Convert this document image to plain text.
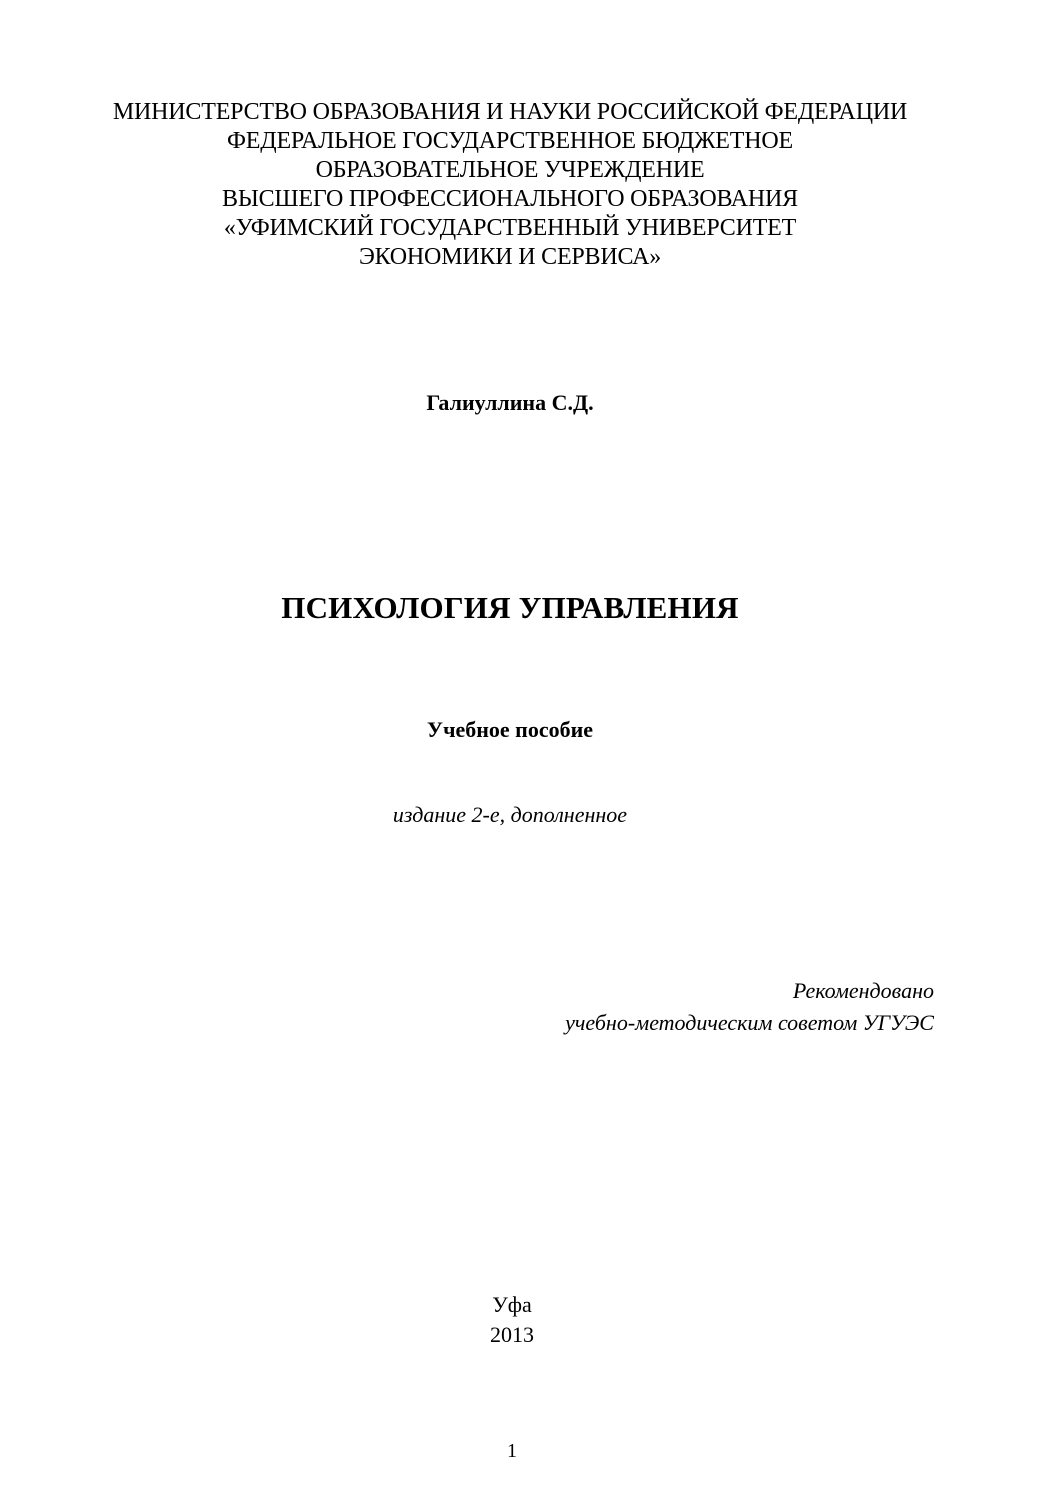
МИНИСТЕРСТВО ОБРАЗОВАНИЯ И НАУКИ РОССИЙСКОЙ ФЕДЕРАЦИИ
ФЕДЕРАЛЬНОЕ ГОСУДАРСТВЕННОЕ БЮДЖЕТНОЕ
ОБРАЗОВАТЕЛЬНОЕ УЧРЕЖДЕНИЕ
ВЫСШЕГО ПРОФЕССИОНАЛЬНОГО ОБРАЗОВАНИЯ
«УФИМСКИЙ ГОСУДАРСТВЕННЫЙ УНИВЕРСИТЕТ
ЭКОНОМИКИ И СЕРВИСА»
Галиуллина С.Д.
ПСИХОЛОГИЯ УПРАВЛЕНИЯ
Учебное пособие
издание 2-е, дополненное
Рекомендовано
учебно-методическим советом УГУЭС
Уфа
2013
1
